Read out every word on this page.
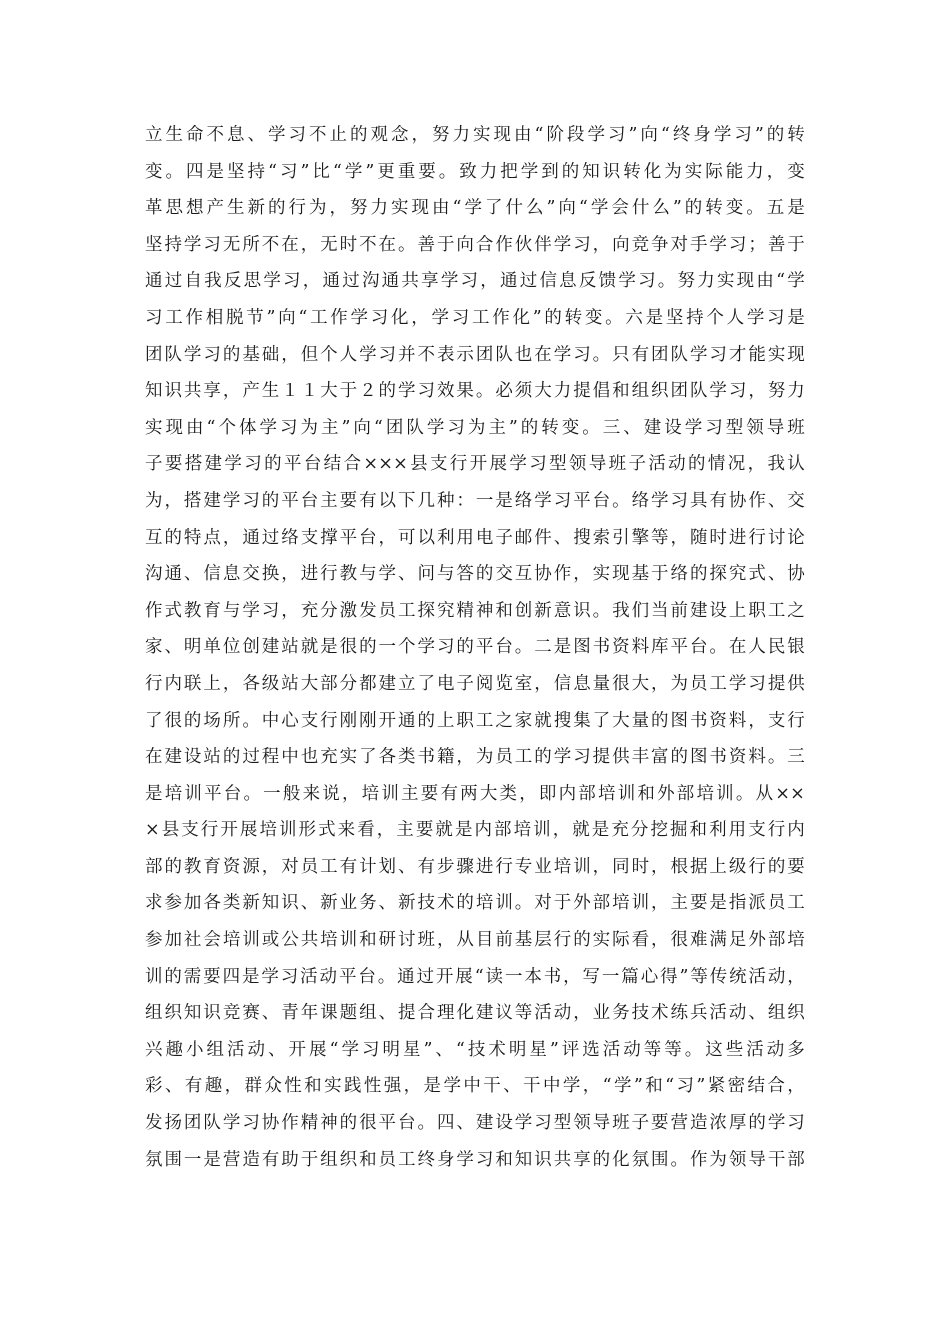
立生命不息、学习不止的观念，努力实现由“阶段学习”向“终身学习”的转
变。四是坚持“习”比“学”更重要。致力把学到的知识转化为实际能力，变
革思想产生新的行为，努力实现由“学了什么”向“学会什么”的转变。五是
坚持学习无所不在，无时不在。善于向合作伙伴学习，向竞争对手学习；善于
通过自我反思学习，通过沟通共享学习，通过信息反馈学习。努力实现由“学
习工作相脱节”向“工作学习化，学习工作化”的转变。六是坚持个人学习是
团队学习的基础，但个人学习并不表示团队也在学习。只有团队学习才能实现
知识共享，产生１１大于２的学习效果。必须大力提倡和组织团队学习，努力
实现由“个体学习为主”向“团队学习为主”的转变。三、建设学习型领导班
子要搭建学习的平台结合×××县支行开展学习型领导班子活动的情况，我认
为，搭建学习的平台主要有以下几种：一是络学习平台。络学习具有协作、交
互的特点，通过络支撑平台，可以利用电子邮件、搜索引擎等，随时进行讨论
沟通、信息交换，进行教与学、问与答的交互协作，实现基于络的探究式、协
作式教育与学习，充分激发员工探究精神和创新意识。我们当前建设上职工之
家、明单位创建站就是很的一个学习的平台。二是图书资料库平台。在人民银
行内联上，各级站大部分都建立了电子阅览室，信息量很大，为员工学习提供
了很的场所。中心支行刚刚开通的上职工之家就搜集了大量的图书资料，支行
在建设站的过程中也充实了各类书籍，为员工的学习提供丰富的图书资料。三
是培训平台。一般来说，培训主要有两大类，即内部培训和外部培训。从××
×县支行开展培训形式来看，主要就是内部培训，就是充分挖掘和利用支行内
部的教育资源，对员工有计划、有步骤进行专业培训，同时，根据上级行的要
求参加各类新知识、新业务、新技术的培训。对于外部培训，主要是指派员工
参加社会培训或公共培训和研讨班，从目前基层行的实际看，很难满足外部培
训的需要四是学习活动平台。通过开展“读一本书，写一篇心得”等传统活动，
组织知识竞赛、青年课题组、提合理化建议等活动，业务技术练兵活动、组织
兴趣小组活动、开展“学习明星”、“技术明星”评选活动等等。这些活动多
彩、有趣，群众性和实践性强，是学中干、干中学，“学”和“习”紧密结合，
发扬团队学习协作精神的很平台。四、建设学习型领导班子要营造浓厚的学习
氛围一是营造有助于组织和员工终身学习和知识共享的化氛围。作为领导干部
